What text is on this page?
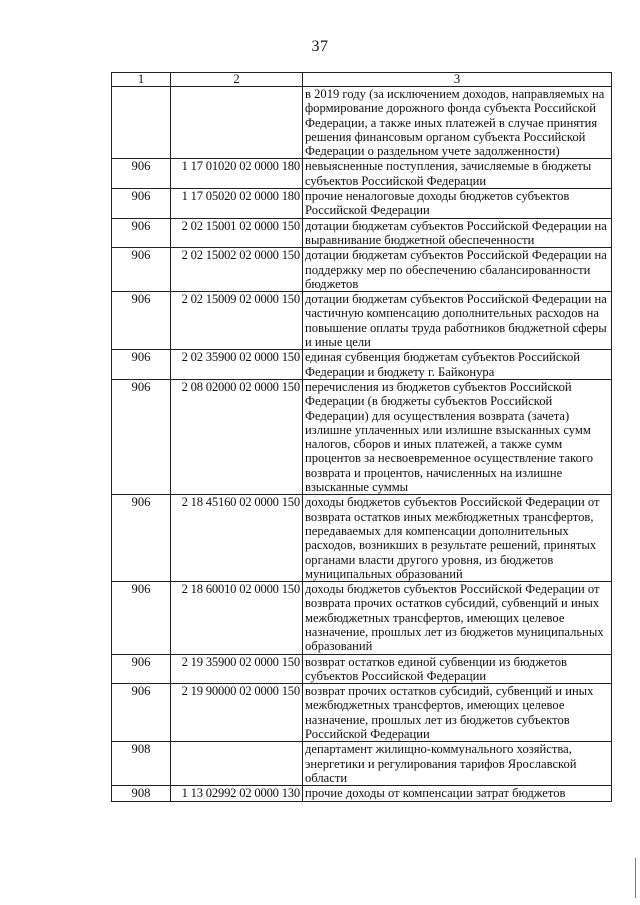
37
1	2	3
		в 2019 году (за исключением доходов, направляемых на формирование дорожного фонда субъекта Российской Федерации, а также иных платежей в случае принятия решения финансовым органом субъекта Российской Федерации о раздельном учете задолженности)
906	1 17 01020 02 0000 180	невыясненные поступления, зачисляемые в бюджеты субъектов Российской Федерации
906	1 17 05020 02 0000 180	прочие неналоговые доходы бюджетов субъектов Российской Федерации
906	2 02 15001 02 0000 150	дотации бюджетам субъектов Российской Федерации на выравнивание бюджетной обеспеченности
906	2 02 15002 02 0000 150	дотации бюджетам субъектов Российской Федерации на поддержку мер по обеспечению сбалансированности бюджетов
906	2 02 15009 02 0000 150	дотации бюджетам субъектов Российской Федерации на частичную компенсацию дополнительных расходов на повышение оплаты труда работников бюджетной сферы и иные цели
906	2 02 35900 02 0000 150	единая субвенция бюджетам субъектов Российской Федерации и бюджету г. Байконура
906	2 08 02000 02 0000 150	перечисления из бюджетов субъектов Российской Федерации (в бюджеты субъектов Российской Федерации) для осуществления возврата (зачета) излишне уплаченных или излишне взысканных сумм налогов, сборов и иных платежей, а также сумм процентов за несвоевременное осуществление такого возврата и процентов, начисленных на излишне взысканные суммы
906	2 18 45160 02 0000 150	доходы бюджетов субъектов Российской Федерации от возврата остатков иных межбюджетных трансфертов, передаваемых для компенсации дополнительных расходов, возникших в результате решений, принятых органами власти другого уровня, из бюджетов муниципальных образований
906	2 18 60010 02 0000 150	доходы бюджетов субъектов Российской Федерации от возврата прочих остатков субсидий, субвенций и иных межбюджетных трансфертов, имеющих целевое назначение, прошлых лет из бюджетов муниципальных образований
906	2 19 35900 02 0000 150	возврат остатков единой субвенции из бюджетов субъектов Российской Федерации
906	2 19 90000 02 0000 150	возврат прочих остатков субсидий, субвенций и иных межбюджетных трансфертов, имеющих целевое назначение, прошлых лет из бюджетов субъектов Российской Федерации
908		департамент жилищно-коммунального хозяйства, энергетики и регулирования тарифов Ярославской области
908	1 13 02992 02 0000 130	прочие доходы от компенсации затрат бюджетов
